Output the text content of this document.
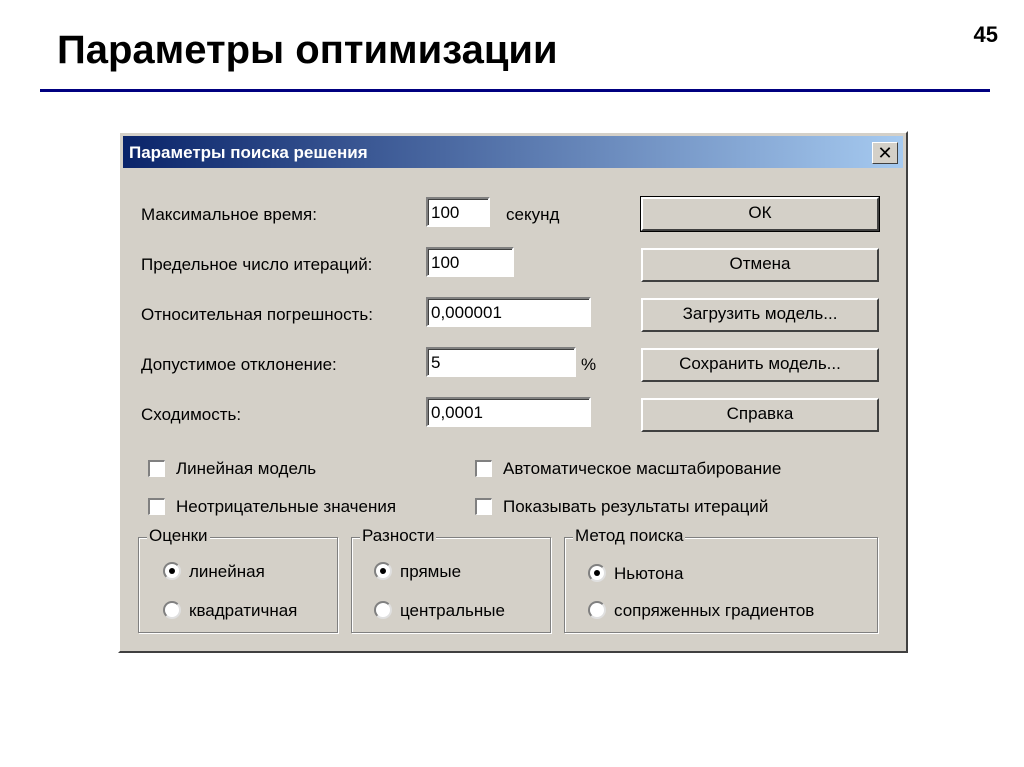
Параметры оптимизации	45
Параметры поиска решения	✕
Максимальное время:	100	секунд
Предельное число итераций:	100
Относительная погрешность:	0,000001
Допустимое отклонение:	5	%
Сходимость:	0,0001
ОК
Отмена
Загрузить модель...
Сохранить модель...
Справка
Линейная модель
Неотрицательные значения
Автоматическое масштабирование
Показывать результаты итераций
Оценки
линейная
квадратичная
Разности
прямые
центральные
Метод поиска
Ньютона
сопряженных градиентов
